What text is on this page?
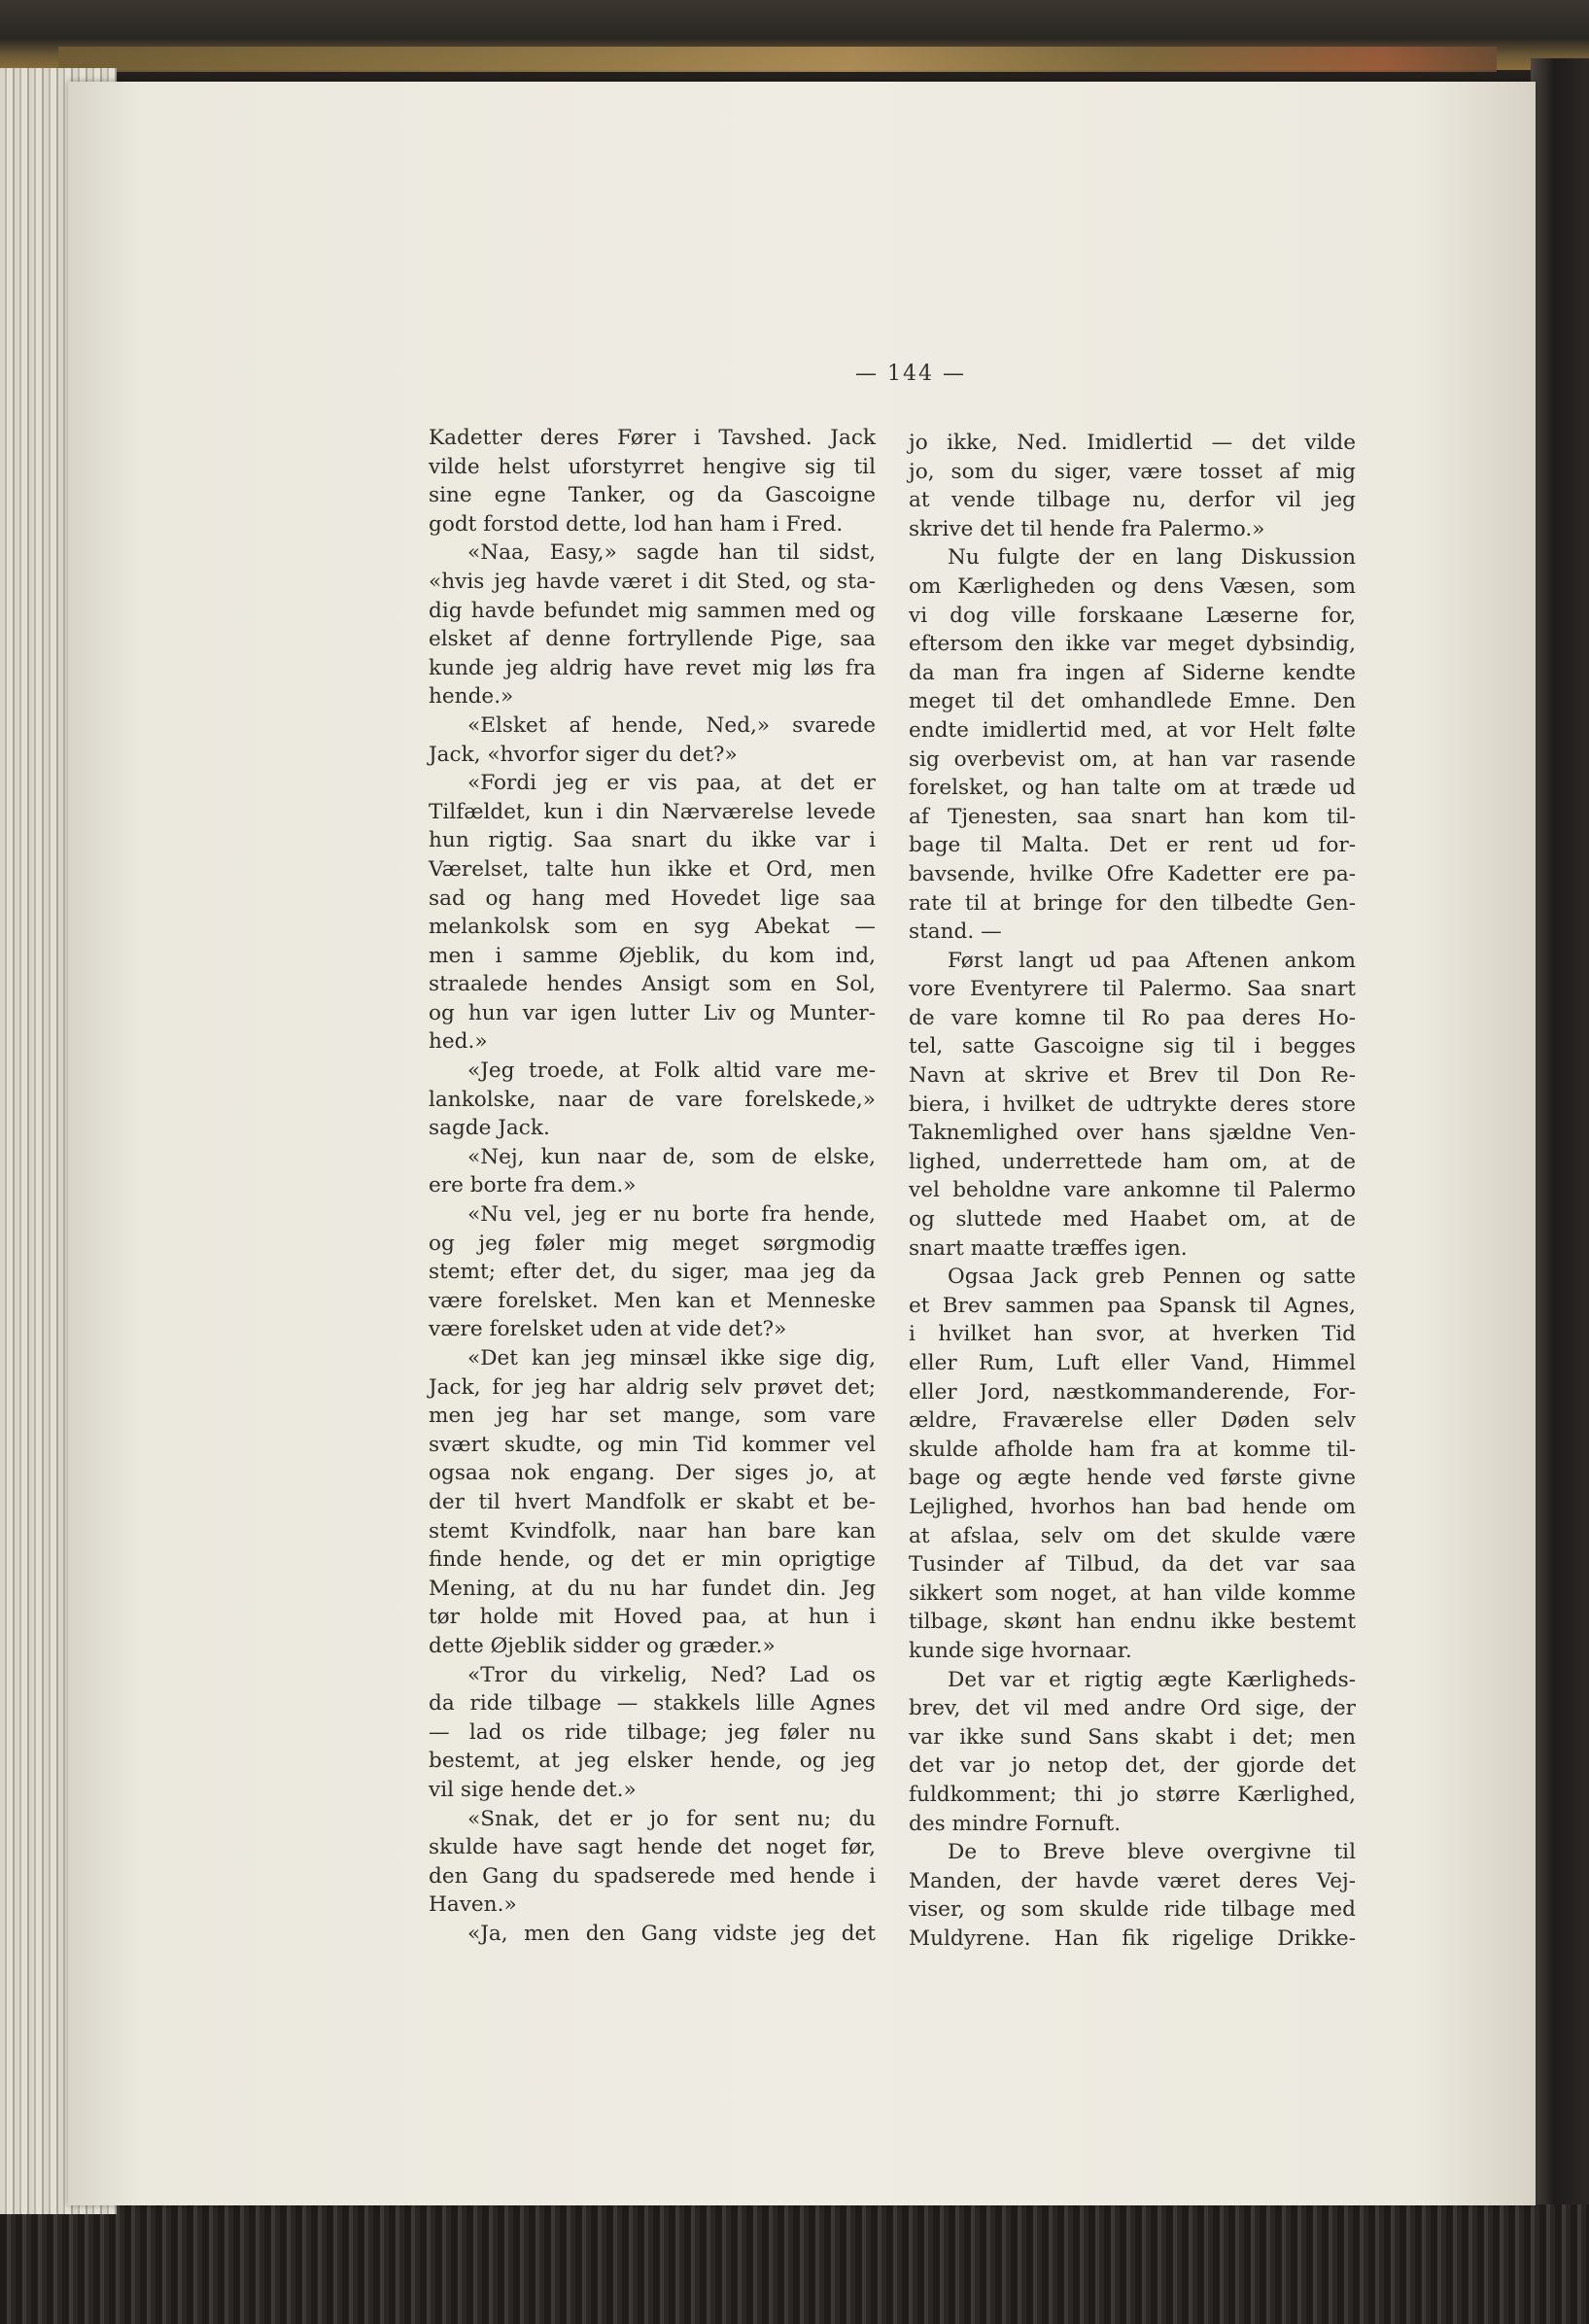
— 144 —
Kadetter deres Fører i Tavshed. Jack
vilde helst uforstyrret hengive sig til
sine egne Tanker, og da Gascoigne
godt forstod dette, lod han ham i Fred.
«Naa, Easy,» sagde han til sidst,
«hvis jeg havde været i dit Sted, og sta-
dig havde befundet mig sammen med og
elsket af denne fortryllende Pige, saa
kunde jeg aldrig have revet mig løs fra
hende.»
«Elsket af hende, Ned,» svarede
Jack, «hvorfor siger du det?»
«Fordi jeg er vis paa, at det er
Tilfældet, kun i din Nærværelse levede
hun rigtig. Saa snart du ikke var i
Værelset, talte hun ikke et Ord, men
sad og hang med Hovedet lige saa
melankolsk som en syg Abekat —
men i samme Øjeblik, du kom ind,
straalede hendes Ansigt som en Sol,
og hun var igen lutter Liv og Munter-
hed.»
«Jeg troede, at Folk altid vare me-
lankolske, naar de vare forelskede,»
sagde Jack.
«Nej, kun naar de, som de elske,
ere borte fra dem.»
«Nu vel, jeg er nu borte fra hende,
og jeg føler mig meget sørgmodig
stemt; efter det, du siger, maa jeg da
være forelsket. Men kan et Menneske
være forelsket uden at vide det?»
«Det kan jeg minsæl ikke sige dig,
Jack, for jeg har aldrig selv prøvet det;
men jeg har set mange, som vare
svært skudte, og min Tid kommer vel
ogsaa nok engang. Der siges jo, at
der til hvert Mandfolk er skabt et be-
stemt Kvindfolk, naar han bare kan
finde hende, og det er min oprigtige
Mening, at du nu har fundet din. Jeg
tør holde mit Hoved paa, at hun i
dette Øjeblik sidder og græder.»
«Tror du virkelig, Ned? Lad os
da ride tilbage — stakkels lille Agnes
— lad os ride tilbage; jeg føler nu
bestemt, at jeg elsker hende, og jeg
vil sige hende det.»
«Snak, det er jo for sent nu; du
skulde have sagt hende det noget før,
den Gang du spadserede med hende i
Haven.»
«Ja, men den Gang vidste jeg det
jo ikke, Ned. Imidlertid — det vilde
jo, som du siger, være tosset af mig
at vende tilbage nu, derfor vil jeg
skrive det til hende fra Palermo.»
Nu fulgte der en lang Diskussion
om Kærligheden og dens Væsen, som
vi dog ville forskaane Læserne for,
eftersom den ikke var meget dybsindig,
da man fra ingen af Siderne kendte
meget til det omhandlede Emne. Den
endte imidlertid med, at vor Helt følte
sig overbevist om, at han var rasende
forelsket, og han talte om at træde ud
af Tjenesten, saa snart han kom til-
bage til Malta. Det er rent ud for-
bavsende, hvilke Ofre Kadetter ere pa-
rate til at bringe for den tilbedte Gen-
stand. —
Først langt ud paa Aftenen ankom
vore Eventyrere til Palermo. Saa snart
de vare komne til Ro paa deres Ho-
tel, satte Gascoigne sig til i begges
Navn at skrive et Brev til Don Re-
biera, i hvilket de udtrykte deres store
Taknemlighed over hans sjældne Ven-
lighed, underrettede ham om, at de
vel beholdne vare ankomne til Palermo
og sluttede med Haabet om, at de
snart maatte træffes igen.
Ogsaa Jack greb Pennen og satte
et Brev sammen paa Spansk til Agnes,
i hvilket han svor, at hverken Tid
eller Rum, Luft eller Vand, Himmel
eller Jord, næstkommanderende, For-
ældre, Fraværelse eller Døden selv
skulde afholde ham fra at komme til-
bage og ægte hende ved første givne
Lejlighed, hvorhos han bad hende om
at afslaa, selv om det skulde være
Tusinder af Tilbud, da det var saa
sikkert som noget, at han vilde komme
tilbage, skønt han endnu ikke bestemt
kunde sige hvornaar.
Det var et rigtig ægte Kærligheds-
brev, det vil med andre Ord sige, der
var ikke sund Sans skabt i det; men
det var jo netop det, der gjorde det
fuldkomment; thi jo større Kærlighed,
des mindre Fornuft.
De to Breve bleve overgivne til
Manden, der havde været deres Vej-
viser, og som skulde ride tilbage med
Muldyrene. Han fik rigelige Drikke-
